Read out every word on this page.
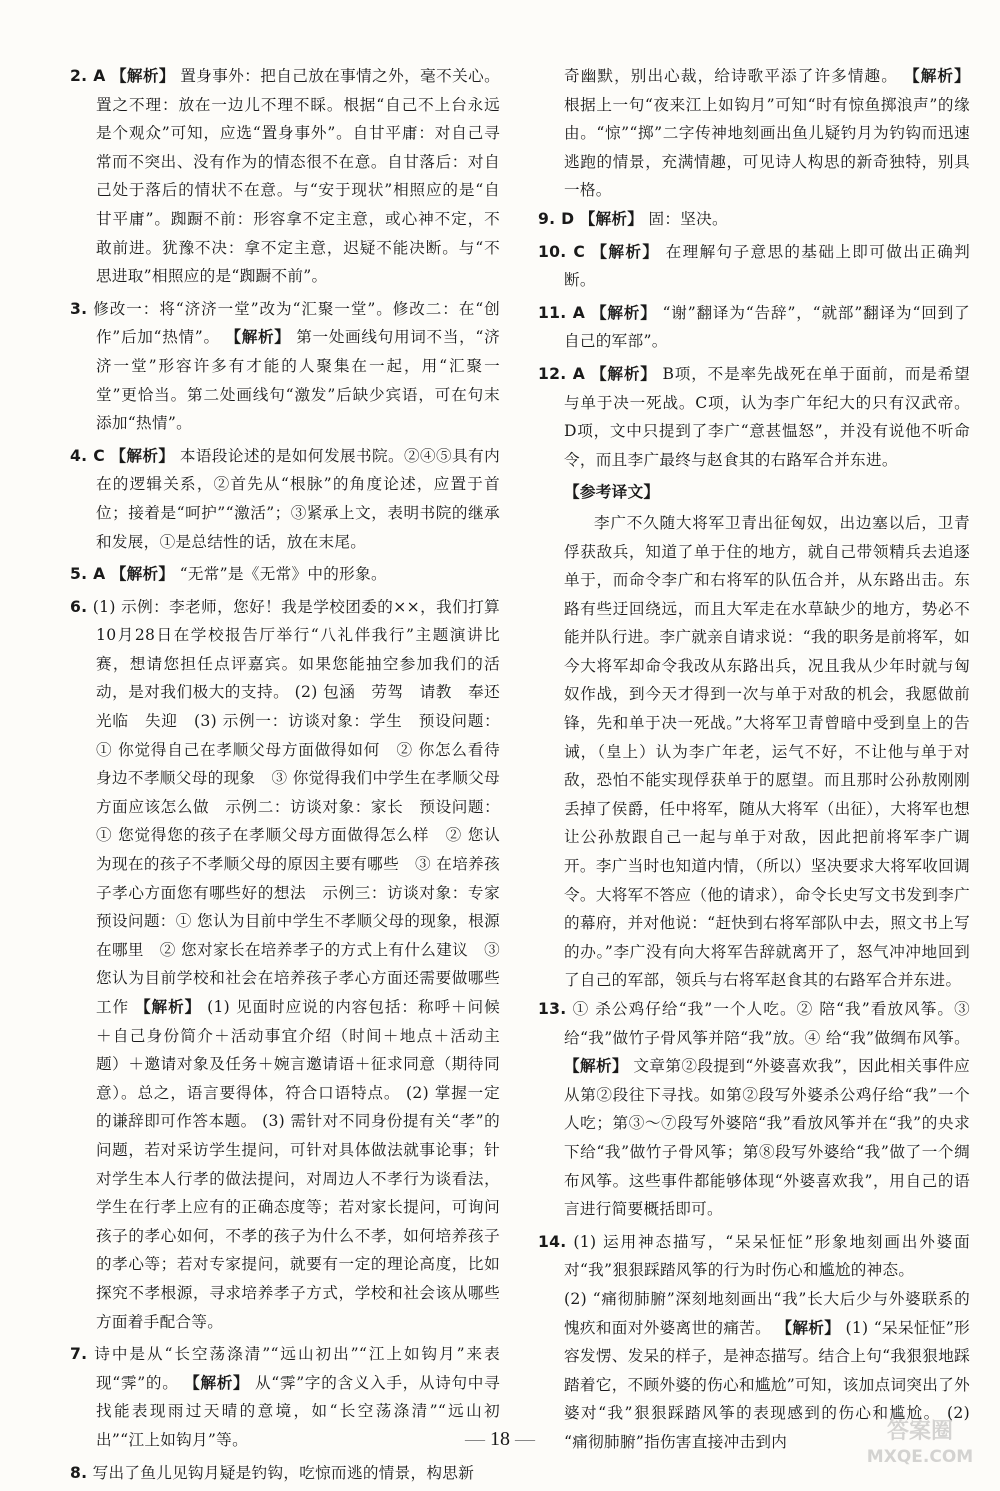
2. A 【解析】 置身事外：把自己放在事情之外，毫不关心。置之不理：放在一边儿不理不睬。根据“自己不上台永远是个观众”可知，应选“置身事外”。自甘平庸：对自己寻常而不突出、没有作为的情态很不在意。自甘落后：对自己处于落后的情状不在意。与“安于现状”相照应的是“自甘平庸”。踟蹰不前：形容拿不定主意，或心神不定，不敢前进。犹豫不决：拿不定主意，迟疑不能决断。与“不思进取”相照应的是“踟蹰不前”。
3. 修改一：将“济济一堂”改为“汇聚一堂”。修改二：在“创作”后加“热情”。 【解析】 第一处画线句用词不当，“济济一堂”形容许多有才能的人聚集在一起，用“汇聚一堂”更恰当。第二处画线句“激发”后缺少宾语，可在句末添加“热情”。
4. C 【解析】 本语段论述的是如何发展书院。②④⑤具有内在的逻辑关系，②首先从“根脉”的角度论述，应置于首位；接着是“呵护”“激活”；③紧承上文，表明书院的继承和发展，①是总结性的话，放在末尾。
5. A 【解析】 “无常”是《无常》中的形象。
6. (1) 示例：李老师，您好！我是学校团委的××，我们打算10月28日在学校报告厅举行“八礼伴我行”主题演讲比赛，想请您担任点评嘉宾。如果您能抽空参加我们的活动，是对我们极大的支持。 (2) 包涵　劳驾　请教　奉还　光临　失迎　(3) 示例一：访谈对象：学生　预设问题：① 你觉得自己在孝顺父母方面做得如何　② 你怎么看待身边不孝顺父母的现象　③ 你觉得我们中学生在孝顺父母方面应该怎么做　示例二：访谈对象：家长　预设问题：① 您觉得您的孩子在孝顺父母方面做得怎么样　② 您认为现在的孩子不孝顺父母的原因主要有哪些　③ 在培养孩子孝心方面您有哪些好的想法　示例三：访谈对象：专家　预设问题：① 您认为目前中学生不孝顺父母的现象，根源在哪里　② 您对家长在培养孝子的方式上有什么建议　③ 您认为目前学校和社会在培养孩子孝心方面还需要做哪些工作 【解析】 (1) 见面时应说的内容包括：称呼＋问候＋自己身份简介＋活动事宜介绍（时间＋地点＋活动主题）＋邀请对象及任务＋婉言邀请语＋征求同意（期待同意）。总之，语言要得体，符合口语特点。 (2) 掌握一定的谦辞即可作答本题。 (3) 需针对不同身份提有关“孝”的问题，若对采访学生提问，可针对具体做法就事论事；针对学生本人行孝的做法提问，对周边人不孝行为谈看法，学生在行孝上应有的正确态度等；若对家长提问，可询问孩子的孝心如何，不孝的孩子为什么不孝，如何培养孩子的孝心等；若对专家提问，就要有一定的理论高度，比如探究不孝根源，寻求培养孝子方式，学校和社会该从哪些方面着手配合等。
7. 诗中是从“长空荡涤清”“远山初出”“江上如钩月”来表现“霁”的。 【解析】 从“霁”字的含义入手，从诗句中寻找能表现雨过天晴的意境，如“长空荡涤清”“远山初出”“江上如钩月”等。
8. 写出了鱼儿见钩月疑是钓钩，吃惊而逃的情景，构思新
奇幽默，别出心裁，给诗歌平添了许多情趣。 【解析】 根据上一句“夜来江上如钩月”可知“时有惊鱼掷浪声”的缘由。“惊”“掷”二字传神地刻画出鱼儿疑钓月为钓钩而迅速逃跑的情景，充满情趣，可见诗人构思的新奇独特，别具一格。
9. D 【解析】 固：坚决。
10. C 【解析】 在理解句子意思的基础上即可做出正确判断。
11. A 【解析】 “谢”翻译为“告辞”，“就部”翻译为“回到了自己的军部”。
12. A 【解析】 B项，不是率先战死在单于面前，而是希望与单于决一死战。C项，认为李广年纪大的只有汉武帝。D项，文中只提到了李广“意甚愠怒”，并没有说他不听命令，而且李广最终与赵食其的右路军合并东进。
【参考译文】
李广不久随大将军卫青出征匈奴，出边塞以后，卫青俘获敌兵，知道了单于住的地方，就自己带领精兵去追逐单于，而命令李广和右将军的队伍合并，从东路出击。东路有些迂回绕远，而且大军走在水草缺少的地方，势必不能并队行进。李广就亲自请求说：“我的职务是前将军，如今大将军却命令我改从东路出兵，况且我从少年时就与匈奴作战，到今天才得到一次与单于对敌的机会，我愿做前锋，先和单于决一死战。”大将军卫青曾暗中受到皇上的告诫，（皇上）认为李广年老，运气不好，不让他与单于对敌，恐怕不能实现俘获单于的愿望。而且那时公孙敖刚刚丢掉了侯爵，任中将军，随从大将军（出征），大将军也想让公孙敖跟自己一起与单于对敌，因此把前将军李广调开。李广当时也知道内情，（所以）坚决要求大将军收回调令。大将军不答应（他的请求），命令长史写文书发到李广的幕府，并对他说：“赶快到右将军部队中去，照文书上写的办。”李广没有向大将军告辞就离开了，怒气冲冲地回到了自己的军部，领兵与右将军赵食其的右路军合并东进。
13. ① 杀公鸡仔给“我”一个人吃。② 陪“我”看放风筝。③ 给“我”做竹子骨风筝并陪“我”放。④ 给“我”做绸布风筝。 【解析】 文章第②段提到“外婆喜欢我”，因此相关事件应从第②段往下寻找。如第②段写外婆杀公鸡仔给“我”一个人吃；第③～⑦段写外婆陪“我”看放风筝并在“我”的央求下给“我”做竹子骨风筝；第⑧段写外婆给“我”做了一个绸布风筝。这些事件都能够体现“外婆喜欢我”，用自己的语言进行简要概括即可。
14. (1) 运用神态描写，“呆呆怔怔”形象地刻画出外婆面对“我”狠狠踩踏风筝的行为时伤心和尴尬的神态。
(2) “痛彻肺腑”深刻地刻画出“我”长大后少与外婆联系的愧疚和面对外婆离世的痛苦。 【解析】 (1) “呆呆怔怔”形容发愣、发呆的样子，是神态描写。结合上句“我狠狠地踩踏着它，不顾外婆的伤心和尴尬”可知，该加点词突出了外婆对“我”狠狠踩踏风筝的表现感到的伤心和尴尬。 (2) “痛彻肺腑”指伤害直接冲击到内
— 18 —	答案圈
MXQE.COM
